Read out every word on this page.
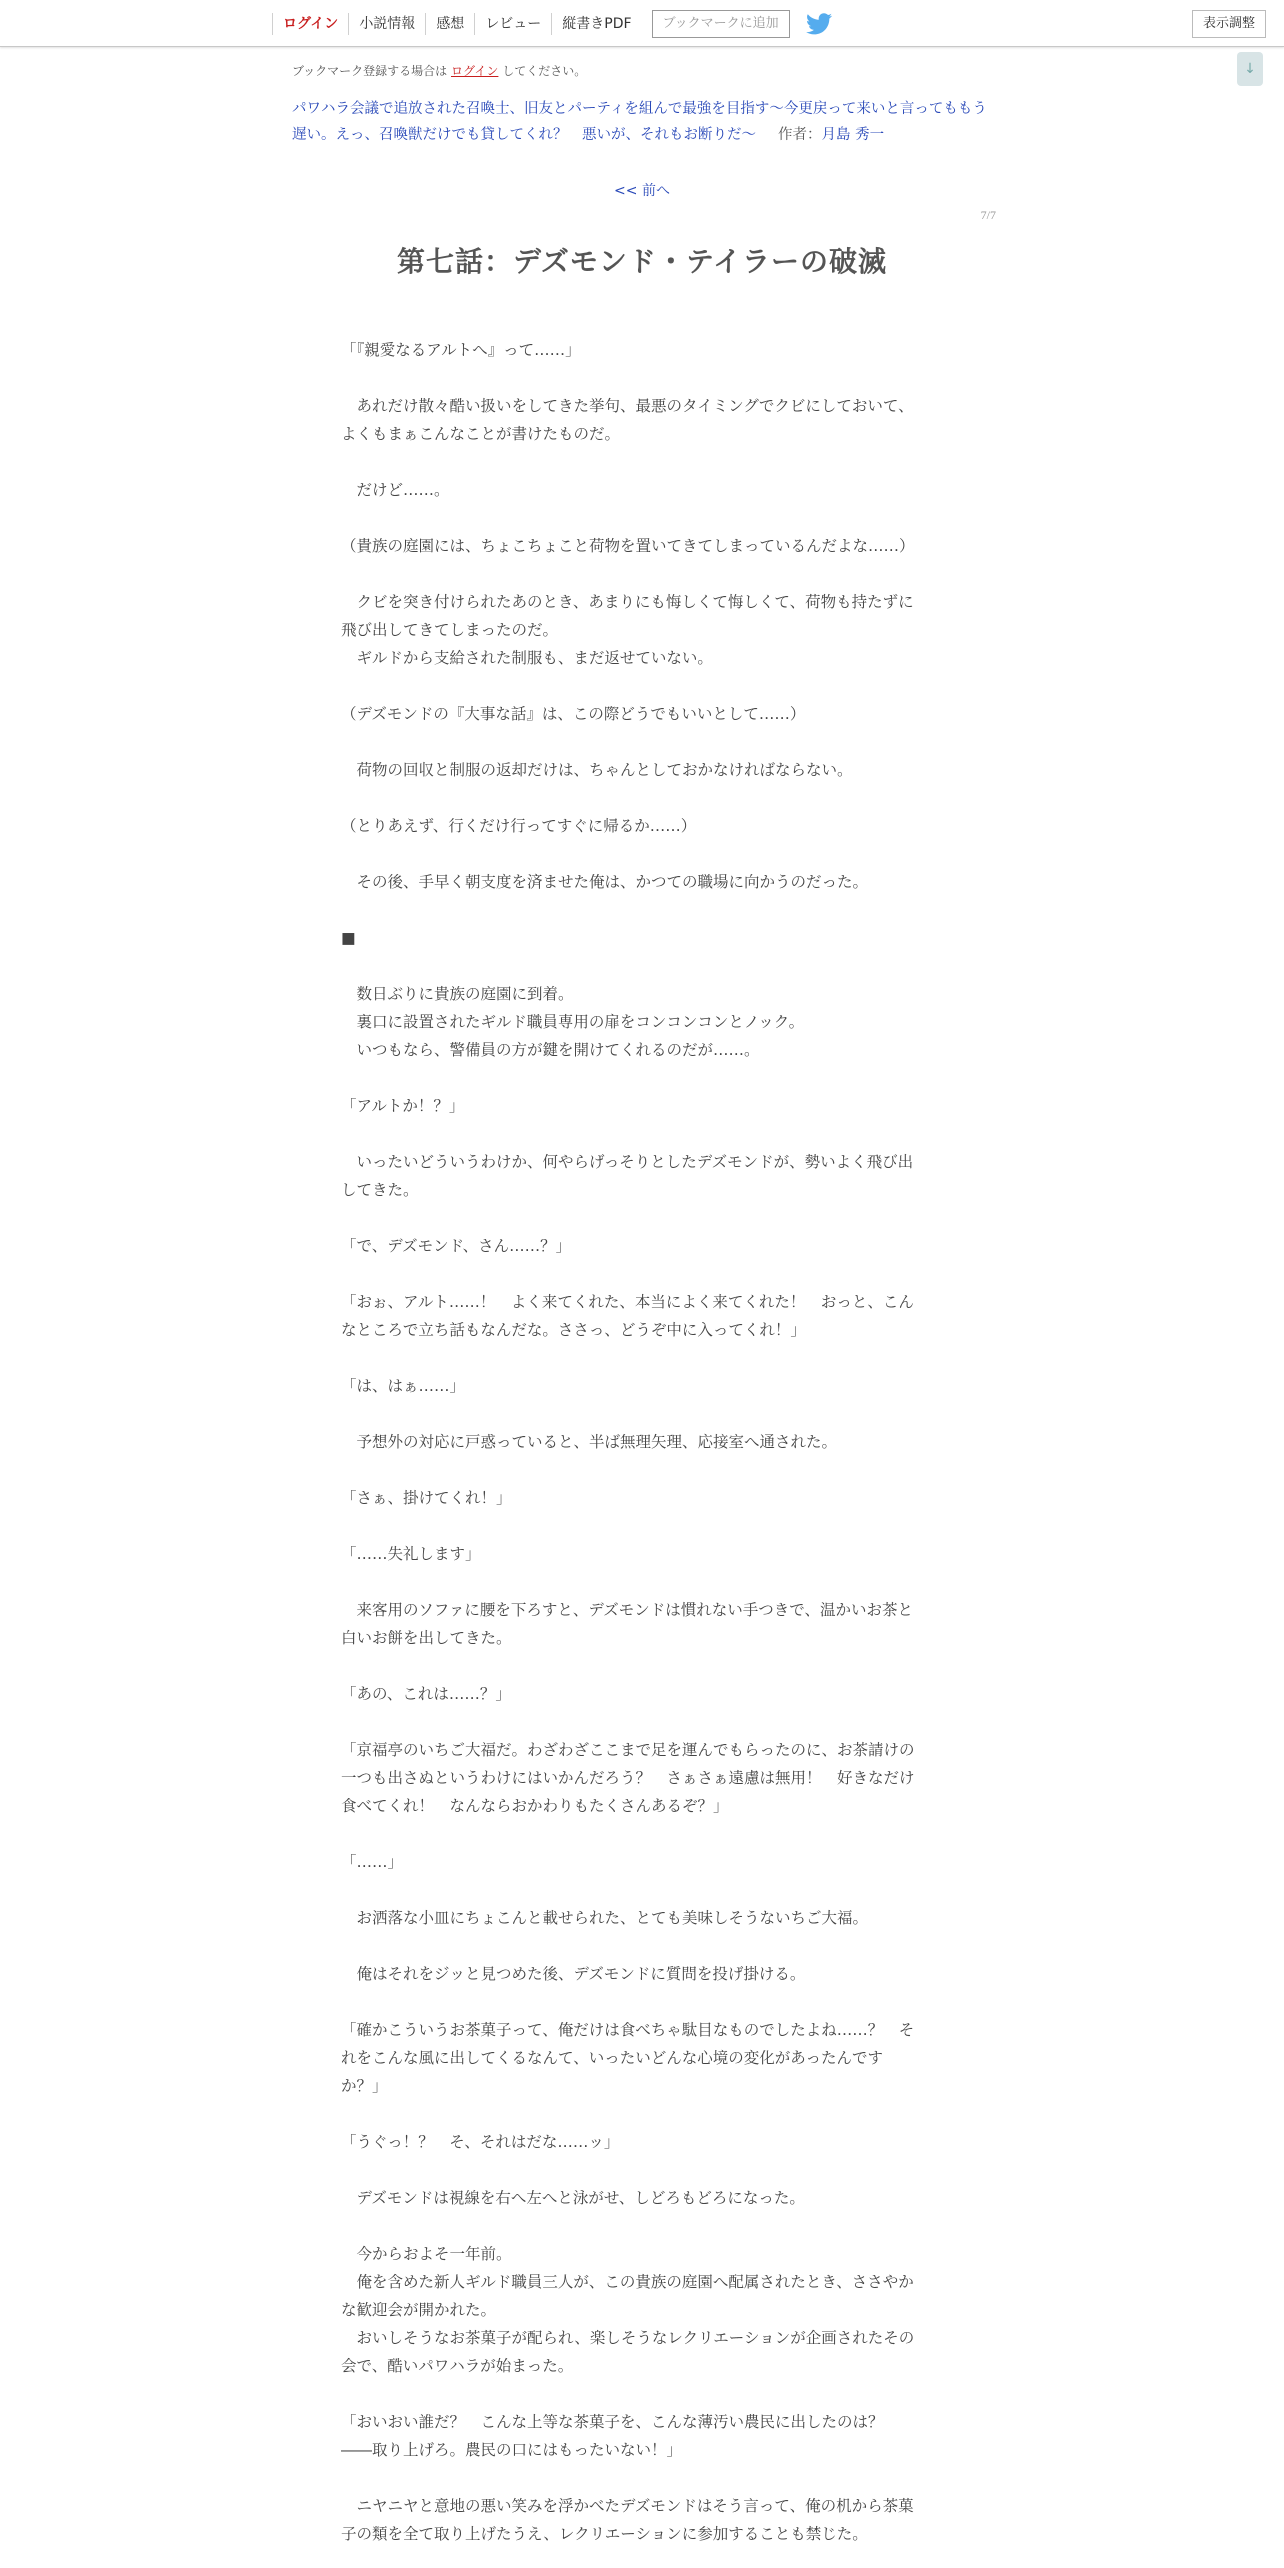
ログイン	小説情報	感想	レビュー	縦書きPDF	ブックマークに追加	表示調整
↓
ブックマーク登録する場合は ログイン してください。
パワハラ会議で追放された召喚士、旧友とパーティを組んで最強を目指す～今更戻って来いと言ってももう遅い。えっ、召喚獣だけでも貸してくれ？　悪いが、それもお断りだ～ 作者：月島 秀一
<< 前へ
7/7
第七話：デズモンド・テイラーの破滅

「『親愛なるアルトへ』って……」

　あれだけ散々酷い扱いをしてきた挙句、最悪のタイミングでクビにしておいて、

よくもまぁこんなことが書けたものだ。

　だけど……。

（貴族の庭園には、ちょこちょこと荷物を置いてきてしまっているんだよな……）

　クビを突き付けられたあのとき、あまりにも悔しくて悔しくて、荷物も持たずに

飛び出してきてしまったのだ。

　ギルドから支給された制服も、まだ返せていない。

（デズモンドの『大事な話』は、この際どうでもいいとして……）

　荷物の回収と制服の返却だけは、ちゃんとしておかなければならない。

（とりあえず、行くだけ行ってすぐに帰るか……）

　その後、手早く朝支度を済ませた俺は、かつての職場に向かうのだった。

■

　数日ぶりに貴族の庭園に到着。

　裏口に設置されたギルド職員専用の扉をコンコンコンとノック。

　いつもなら、警備員の方が鍵を開けてくれるのだが……。

「アルトか！？」

　いったいどういうわけか、何やらげっそりとしたデズモンドが、勢いよく飛び出

してきた。

「で、デズモンド、さん……？」

「おぉ、アルト……！　よく来てくれた、本当によく来てくれた！　おっと、こん

なところで立ち話もなんだな。ささっ、どうぞ中に入ってくれ！」

「は、はぁ……」

　予想外の対応に戸惑っていると、半ば無理矢理、応接室へ通された。

「さぁ、掛けてくれ！」

「……失礼します」

　来客用のソファに腰を下ろすと、デズモンドは慣れない手つきで、温かいお茶と

白いお餅を出してきた。

「あの、これは……？」

「京福亭のいちご大福だ。わざわざここまで足を運んでもらったのに、お茶請けの

一つも出さぬというわけにはいかんだろう？　さぁさぁ遠慮は無用！　好きなだけ

食べてくれ！　なんならおかわりもたくさんあるぞ？」

「……」

　お洒落な小皿にちょこんと載せられた、とても美味しそうないちご大福。

　俺はそれをジッと見つめた後、デズモンドに質問を投げ掛ける。

「確かこういうお茶菓子って、俺だけは食べちゃ駄目なものでしたよね……？　そ

れをこんな風に出してくるなんて、いったいどんな心境の変化があったんです

か？」

「うぐっ！？　そ、それはだな……ッ」

　デズモンドは視線を右へ左へと泳がせ、しどろもどろになった。

　今からおよそ一年前。

　俺を含めた新人ギルド職員三人が、この貴族の庭園へ配属されたとき、ささやか

な歓迎会が開かれた。

　おいしそうなお茶菓子が配られ、楽しそうなレクリエーションが企画されたその

会で、酷いパワハラが始まった。

「おいおい誰だ？　こんな上等な茶菓子を、こんな薄汚い農民に出したのは？

――取り上げろ。農民の口にはもったいない！」

　ニヤニヤと意地の悪い笑みを浮かべたデズモンドはそう言って、俺の机から茶菓

子の類を全て取り上げたうえ、レクリエーションに参加することも禁じた。
